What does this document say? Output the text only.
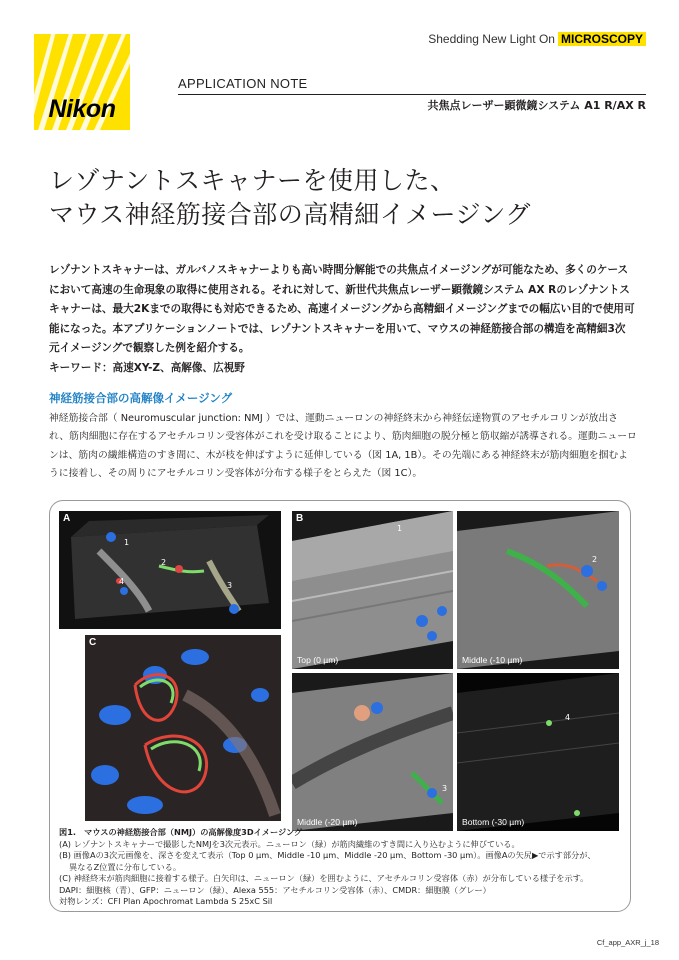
Nikon
Shedding New Light On MICROSCOPY
APPLICATION NOTE
共焦点レーザー顕微鏡システム A1 R/AX R
レゾナントスキャナーを使用した、
マウス神経筋接合部の高精細イメージング

レゾナントスキャナーは、ガルバノスキャナーよりも高い時間分解能での共焦点イメージングが可能なため、多くのケースにおいて高速の生命現象の取得に使用される。それに対して、新世代共焦点レーザー顕微鏡システム AX Rのレゾナントスキャナーは、最大2Kまでの取得にも対応できるため、高速イメージングから高精細イメージングまでの幅広い目的で使用可能になった。本アプリケーションノートでは、レゾナントスキャナーを用いて、マウスの神経筋接合部の構造を高精細3次元イメージングで観察した例を紹介する。
キーワード：高速XY-Z、高解像、広視野

神経筋接合部の高解像イメージング
神経筋接合部（ Neuromuscular junction: NMJ ）では、運動ニューロンの神経終末から神経伝達物質のアセチルコリンが放出され、筋肉細胞に存在するアセチルコリン受容体がこれを受け取ることにより、筋肉細胞の脱分極と筋収縮が誘導される。運動ニューロンは、筋肉の繊維構造のすき間に、木が枝を伸ばすように延伸している（図 1A, 1B）。その先端にある神経終末が筋肉細胞を掴むように接着し、その周りにアセチルコリン受容体が分布する様子をとらえた（図 1C）。
A
1
2
3
4
B
1
Top (0 µm)
2
Middle (-10 µm)
C
3
Middle (-20 µm)
4
Bottom (-30 µm)
図1.　マウスの神経筋接合部（NMJ）の高解像度3Dイメージング
(A) レゾナントスキャナーで撮影したNMJを3次元表示。ニューロン（緑）が筋肉繊維のすき間に入り込むように伸びている。
(B) 画像Aの3次元画像を、深さを変えて表示（Top 0 µm、Middle -10 µm、Middle -20 µm、Bottom -30 µm）。画像Aの矢尻▶で示す部分が、
異なるZ位置に分布している。
(C) 神経終末が筋肉細胞に接着する様子。白矢印は、ニューロン（緑）を囲むように、アセチルコリン受容体（赤）が分布している様子を示す。
DAPI：細胞核（青）、GFP：ニューロン（緑）、Alexa 555：アセチルコリン受容体（赤）、CMDR：細胞膜（グレー）
対物レンズ：CFI Plan Apochromat Lambda S 25xC Sil
Cf_app_AXR_j_18
